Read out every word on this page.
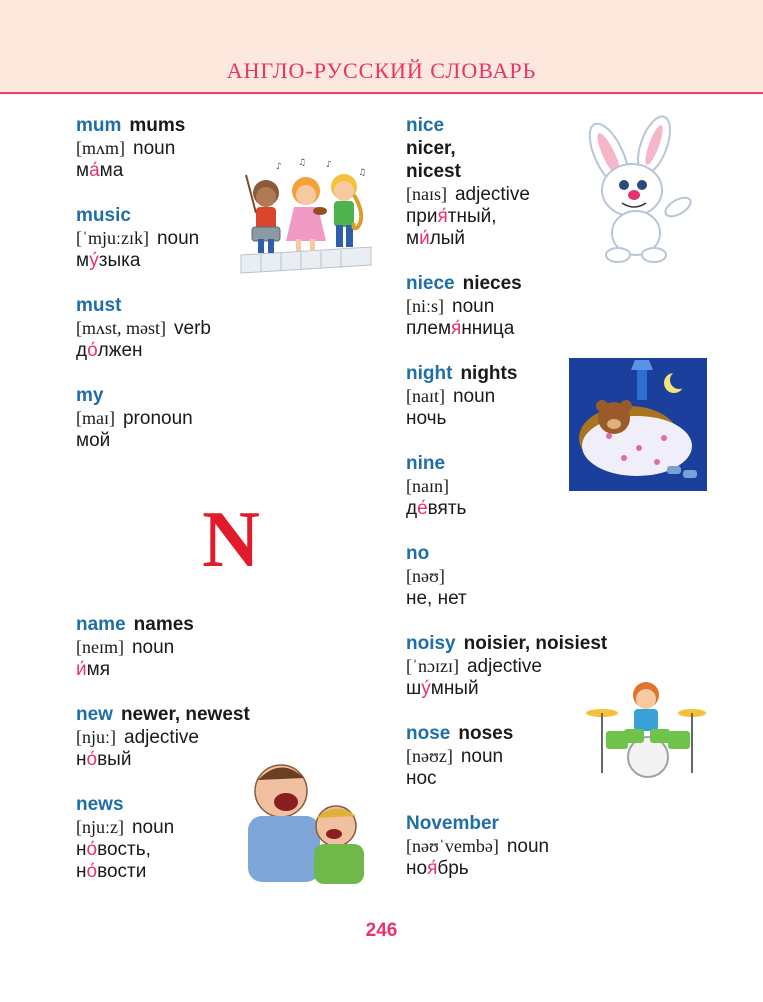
АНГЛО-РУССКИЙ СЛОВАРЬ
mum mums
[mʌm] noun
ма́ма
music
[ˈmjuːzɪk] noun
му́зыка
must
[mʌst, məst] verb
до́лжен
my
[maɪ] pronoun
мой
N
name names
[neɪm] noun
и́мя
new newer, newest
[njuː] adjective
но́вый
news
[njuːz] noun
но́вость,
но́вости
nice
nicer,
nicest
[naɪs] adjective
прия́тный,
ми́лый
niece nieces
[niːs] noun
племя́нница
night nights
[naɪt] noun
ночь
nine
[naɪn]
де́вять
no
[nəʊ]
не, нет
noisy noisier, noisiest
[ˈnɔɪzɪ] adjective
шу́мный
nose noses
[nəʊz] noun
нос
November
[nəʊˈvembə] noun
ноя́брь
246
♪ ♫ ♪
♫
